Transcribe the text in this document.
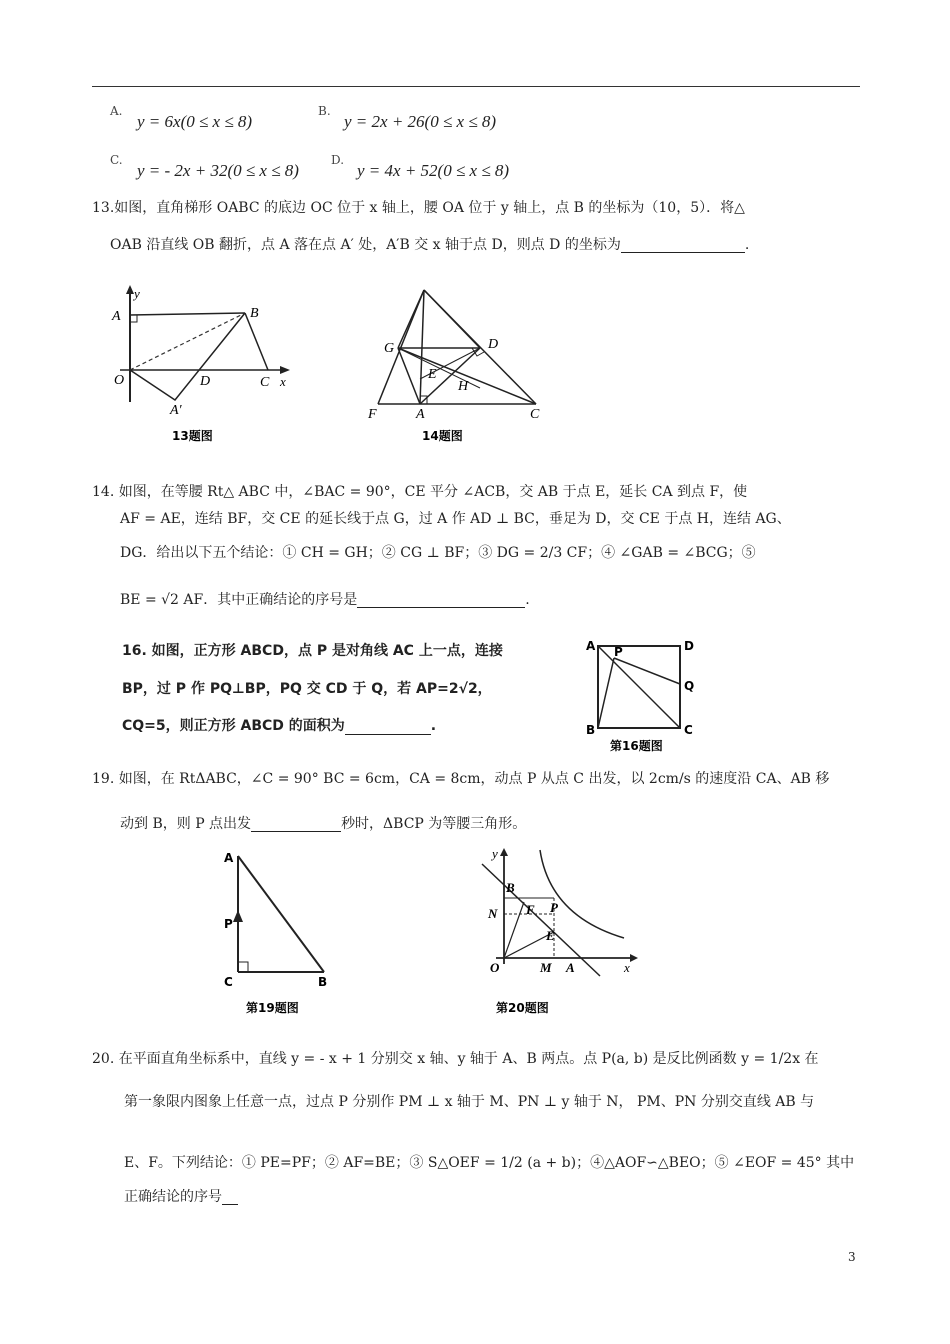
A.
y = 6x(0 ≤ x ≤ 8)
B.
y = 2x + 26(0 ≤ x ≤ 8)
C.
y = - 2x + 32(0 ≤ x ≤ 8)
D.
y = 4x + 52(0 ≤ x ≤ 8)
13.如图，直角梯形 OABC 的底边 OC 位于 x 轴上，腰 OA 位于 y 轴上，点 B 的坐标为（10，5）．将△
OAB 沿直线 OB 翻折，点 A 落在点 A′ 处，A′B 交 x 轴于点 D，则点 D 的坐标为	.
y
A	B
O	D	C x
A′
13题图
G	D
E
H
F	A	C
14题图
14. 如图，在等腰 Rt△ ABC 中，∠BAC = 90°，CE 平分 ∠ACB，交 AB 于点 E，延长 CA 到点 F，使
AF = AE，连结 BF，交 CE 的延长线于点 G，过 A 作 AD ⊥ BC，垂足为 D，交 CE 于点 H，连结 AG、
DG．给出以下五个结论：① CH = GH；② CG ⊥ BF；③ DG = 2/3 CF；④ ∠GAB = ∠BCG；⑤
BE = √2 AF．其中正确结论的序号是	.
16. 如图，正方形 ABCD，点 P 是对角线 AC 上一点，连接
BP，过 P 作 PQ⊥BP，PQ 交 CD 于 Q，若 AP=2√2，
CQ=5，则正方形 ABCD 的面积为	.
A P	D
Q
B	C
第16题图
19. 如图，在 RtΔABC，∠C = 90° BC = 6cm，CA = 8cm，动点 P 从点 C 出发，以 2cm/s 的速度沿 CA、AB 移
动到 B，则 P 点出发	秒时，ΔBCP 为等腰三角形。
A
P
C	B
第19题图
y
B
N F P
E
O	M A	x
第20题图
20. 在平面直角坐标系中，直线 y = - x + 1 分别交 x 轴、y 轴于 A、B 两点。点 P(a, b) 是反比例函数 y = 1/2x 在
第一象限内图象上任意一点，过点 P 分别作 PM ⊥ x 轴于 M、PN ⊥ y 轴于 N， PM、PN 分别交直线 AB 与
E、F。下列结论：① PE=PF；② AF=BE；③ S△OEF = 1/2 (a + b)；④△AOF∽△BEO；⑤ ∠EOF = 45° 其中
正确结论的序号
3
